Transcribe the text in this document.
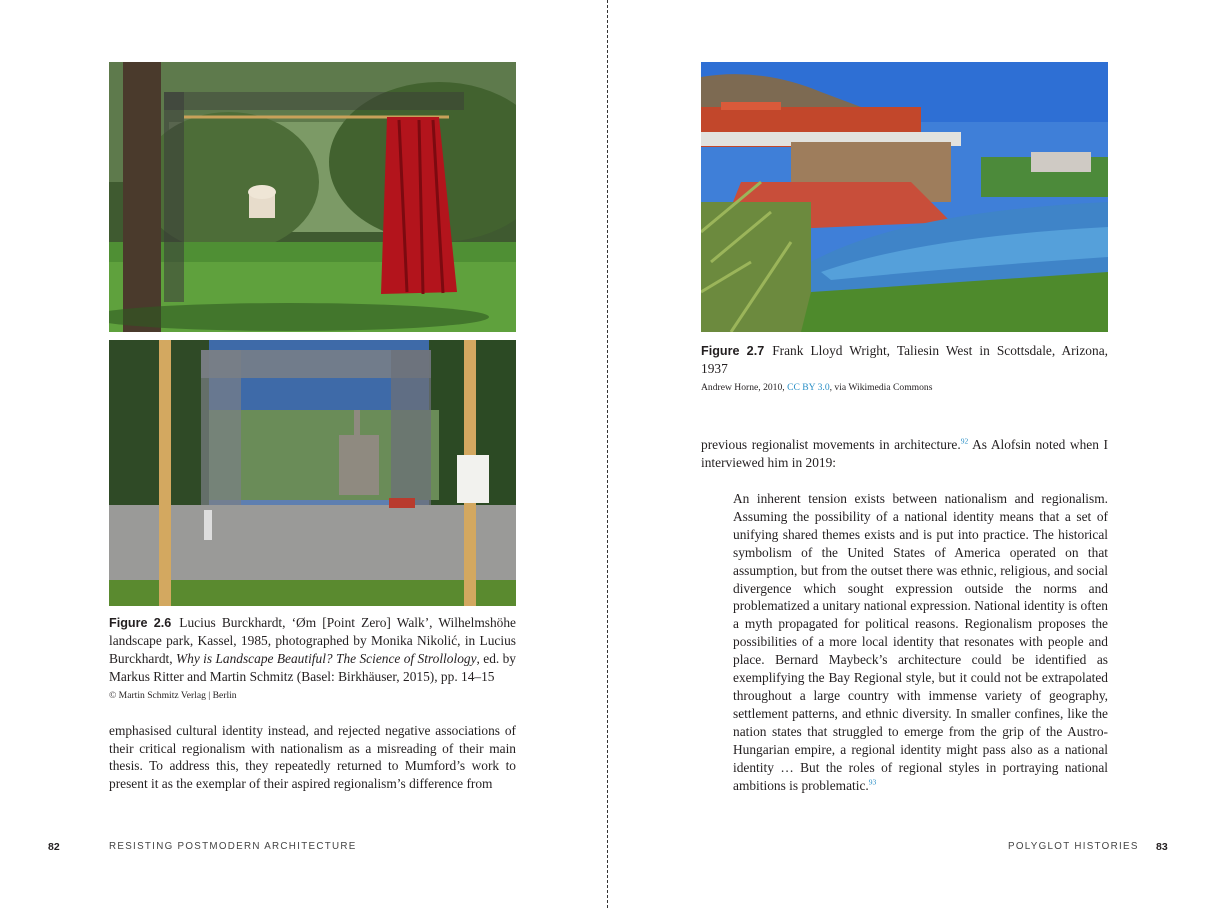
Figure 2.6 Lucius Burckhardt, ‘Øm [Point Zero] Walk’, Wilhelmshöhe landscape park, Kassel, 1985, photographed by Monika Nikolić, in Lucius Burckhardt, Why is Landscape Beautiful? The Science of Strollology, ed. by Markus Ritter and Martin Schmitz (Basel: Birkhäuser, 2015), pp. 14–15
© Martin Schmitz Verlag | Berlin

emphasised cultural identity instead, and rejected negative associations of their critical regionalism with nationalism as a misreading of their main thesis. To address this, they repeatedly returned to Mumford’s work to present it as the exemplar of their aspired regionalism’s difference from

82	RESISTING POSTMODERN ARCHITECTURE
Figure 2.7 Frank Lloyd Wright, Taliesin West in Scottsdale, Arizona, 1937
Andrew Horne, 2010, CC BY 3.0, via Wikimedia Commons

previous regionalist movements in architecture.$^{92}$ As Alofsin noted when I interviewed him in 2019:

An inherent tension exists between nationalism and regionalism. Assuming the possibility of a national identity means that a set of unifying shared themes exists and is put into practice. The historical symbolism of the United States of America operated on that assumption, but from the outset there was ethnic, religious, and social divergence which sought expression outside the norms and problematized a unitary national expression. National identity is often a myth propagated for political reasons. Regionalism proposes the possibilities of a more local identity that resonates with people and place. Bernard Maybeck’s architecture could be identified as exemplifying the Bay Regional style, but it could not be extrapolated throughout a large country with immense variety of geography, settlement patterns, and ethnic diversity. In smaller confines, like the nation states that struggled to emerge from the grip of the Austro-Hungarian empire, a regional identity might pass also as a national identity … But the roles of regional styles in portraying national ambitions is problematic.$^{93}$

POLYGLOT HISTORIES 83
